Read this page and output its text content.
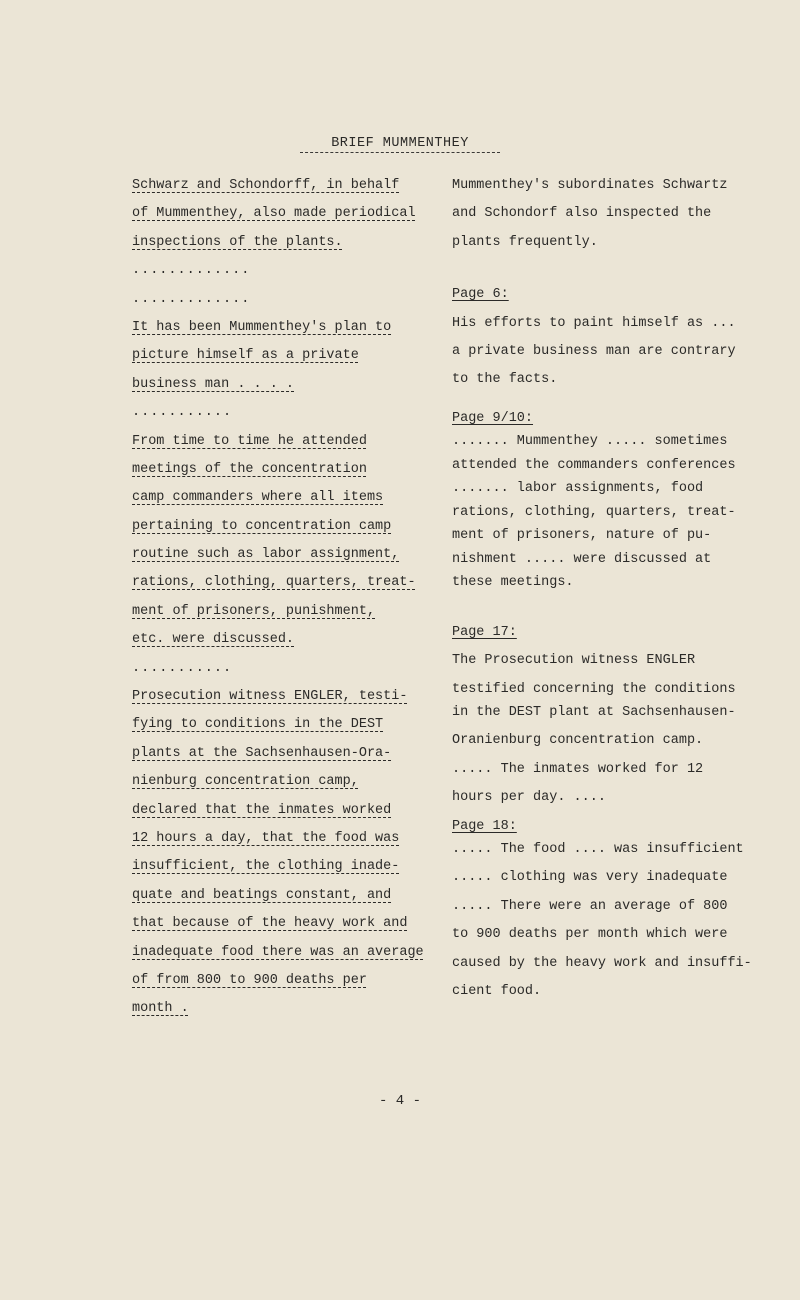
BRIEF MUMMENTHEY
Schwarz and Schondorff, in behalf
of Mummenthey, also made periodical
inspections of the plants.
.............
.............
It has been Mummenthey's plan to
picture himself as a private
business man . . . .
...........
From time to time he attended
meetings of the concentration
camp commanders where all items
pertaining to concentration camp
routine such as labor assignment,
rations, clothing, quarters, treat-
ment of prisoners, punishment,
etc. were discussed.
...........
Prosecution witness ENGLER, testi-
fying to conditions in the DEST
plants at the Sachsenhausen-Ora-
nienburg concentration camp,
declared that the inmates worked
12 hours a day, that the food was
insufficient, the clothing inade-
quate and beatings constant, and
that because of the heavy work and
inadequate food there was an average
of from 800 to 900 deaths per
month .
Mummenthey's subordinates Schwartz
and Schondorf also inspected the
plants frequently.
Page 6:
His efforts to paint himself as ...
a private business man are contrary
to the facts.
Page 9/10:
....... Mummenthey ..... sometimes
attended the commanders conferences
....... labor assignments, food
rations, clothing, quarters, treat-
ment of prisoners, nature of pu-
nishment ..... were discussed at
these meetings.
Page 17:
The Prosecution witness ENGLER
testified concerning the conditions
in the DEST plant at Sachsenhausen-
Oranienburg concentration camp.
..... The inmates worked for 12
hours per day. ....
Page 18:
..... The food .... was insufficient
..... clothing was very inadequate
..... There were an average of 800
to 900 deaths per month which were
caused by the heavy work and insuffi-
cient food.
- 4 -
